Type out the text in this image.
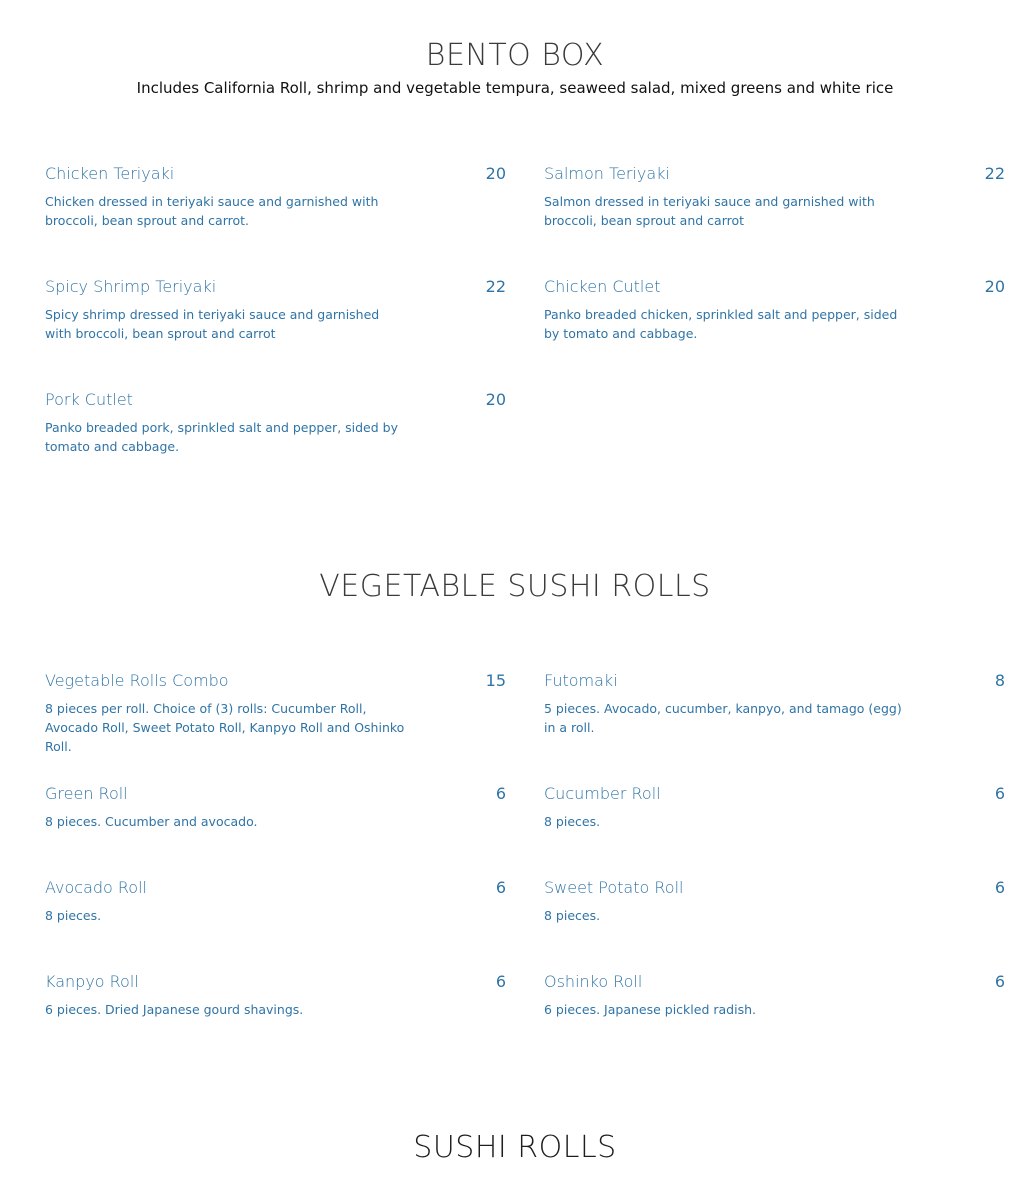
BENTO BOX

Includes California Roll, shrimp and vegetable tempura, seaweed salad, mixed greens and white rice

Chicken Teriyaki	20
Chicken dressed in teriyaki sauce and garnished with broccoli, bean sprout and carrot.
Salmon Teriyaki	22
Salmon dressed in teriyaki sauce and garnished with broccoli, bean sprout and carrot
Spicy Shrimp Teriyaki	22
Spicy shrimp dressed in teriyaki sauce and garnished with broccoli, bean sprout and carrot
Chicken Cutlet	20
Panko breaded chicken, sprinkled salt and pepper, sided by tomato and cabbage.
Pork Cutlet	20
Panko breaded pork, sprinkled salt and pepper, sided by tomato and cabbage.
VEGETABLE SUSHI ROLLS
Vegetable Rolls Combo	15
8 pieces per roll. Choice of (3) rolls: Cucumber Roll, Avocado Roll, Sweet Potato Roll, Kanpyo Roll and Oshinko Roll.
Futomaki	8
5 pieces. Avocado, cucumber, kanpyo, and tamago (egg) in a roll.
Green Roll	6
8 pieces. Cucumber and avocado.
Cucumber Roll	6
8 pieces.
Avocado Roll	6
8 pieces.
Sweet Potato Roll	6
8 pieces.
Kanpyo Roll	6
6 pieces. Dried Japanese gourd shavings.
Oshinko Roll	6
6 pieces. Japanese pickled radish.
SUSHI ROLLS
